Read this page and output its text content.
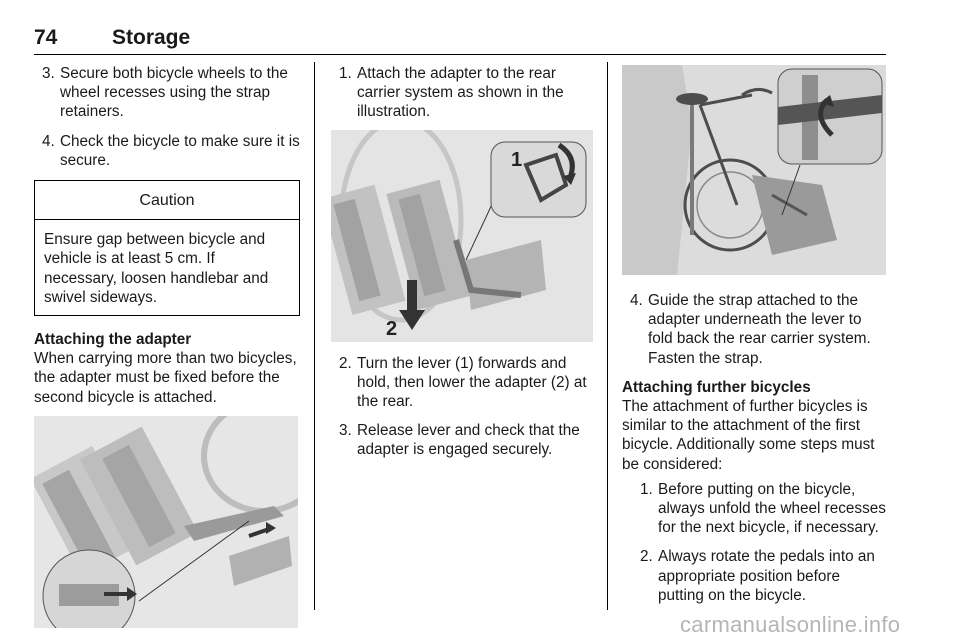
74	Storage
3. Secure both bicycle wheels to the wheel recesses using the strap retainers.
4. Check the bicycle to make sure it is secure.
Caution
Ensure gap between bicycle and vehicle is at least 5 cm. If necessary, loosen handlebar and swivel sideways.
Attaching the adapter
When carrying more than two bicycles, the adapter must be fixed before the second bicycle is attached.
1. Attach the adapter to the rear carrier system as shown in the illustration.
1
2
2. Turn the lever (1) forwards and hold, then lower the adapter (2) at the rear.
3. Release lever and check that the adapter is engaged securely.
4. Guide the strap attached to the adapter underneath the lever to fold back the rear carrier system. Fasten the strap.
Attaching further bicycles
The attachment of further bicycles is similar to the attachment of the first bicycle. Additionally some steps must be considered:
1. Before putting on the bicycle, always unfold the wheel recesses for the next bicycle, if necessary.
2. Always rotate the pedals into an appropriate position before putting on the bicycle.
carmanualsonline.info
